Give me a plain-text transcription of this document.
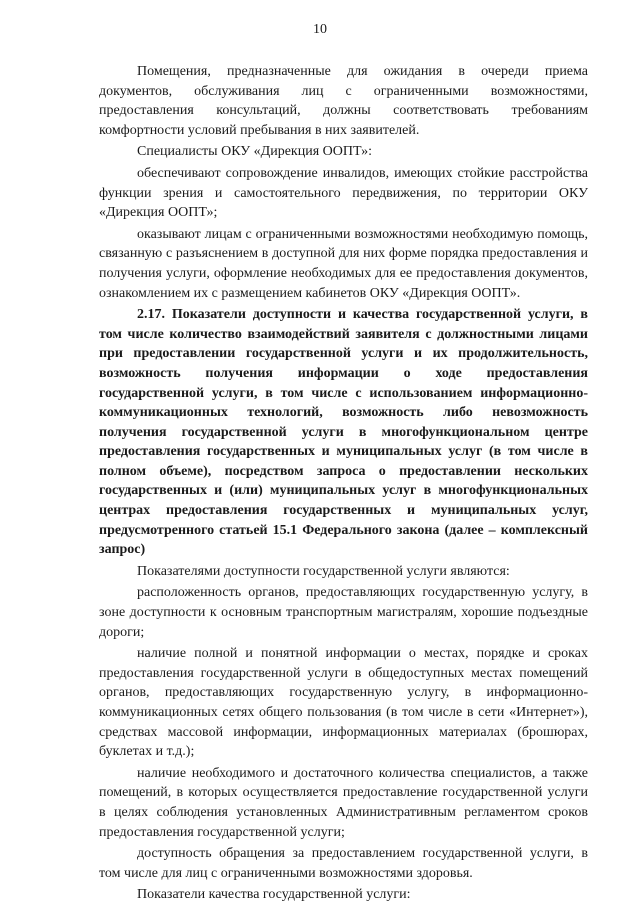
10

Помещения, предназначенные для ожидания в очереди приема документов, обслуживания лиц с ограниченными возможностями, предоставления консультаций, должны соответствовать требованиям комфортности условий пребывания в них заявителей.

Специалисты ОКУ «Дирекция ООПТ»:

обеспечивают сопровождение инвалидов, имеющих стойкие расстройства функции зрения и самостоятельного передвижения, по территории ОКУ «Дирекция ООПТ»;

оказывают лицам с ограниченными возможностями необходимую помощь, связанную с разъяснением в доступной для них форме порядка предоставления и получения услуги, оформление необходимых для ее предоставления документов, ознакомлением их с размещением кабинетов ОКУ «Дирекция ООПТ».

2.17. Показатели доступности и качества государственной услуги, в том числе количество взаимодействий заявителя с должностными лицами при предоставлении государственной услуги и их продолжительность, возможность получения информации о ходе предоставления государственной услуги, в том числе с использованием информационно-коммуникационных технологий, возможность либо невозможность получения государственной услуги в многофункциональном центре предоставления государственных и муниципальных услуг (в том числе в полном объеме), посредством запроса о предоставлении нескольких государственных и (или) муниципальных услуг в многофункциональных центрах предоставления государственных и муниципальных услуг, предусмотренного статьей 15.1 Федерального закона (далее – комплексный запрос)

Показателями доступности государственной услуги являются:

расположенность органов, предоставляющих государственную услугу, в зоне доступности к основным транспортным магистралям, хорошие подъездные дороги;

наличие полной и понятной информации о местах, порядке и сроках предоставления государственной услуги в общедоступных местах помещений органов, предоставляющих государственную услугу, в информационно-коммуникационных сетях общего пользования (в том числе в сети «Интернет»), средствах массовой информации, информационных материалах (брошюрах, буклетах и т.д.);

наличие необходимого и достаточного количества специалистов, а также помещений, в которых осуществляется предоставление государственной услуги в целях соблюдения установленных Административным регламентом сроков предоставления государственной услуги;

доступность обращения за предоставлением государственной услуги, в том числе для лиц с ограниченными возможностями здоровья.

Показатели качества государственной услуги:
